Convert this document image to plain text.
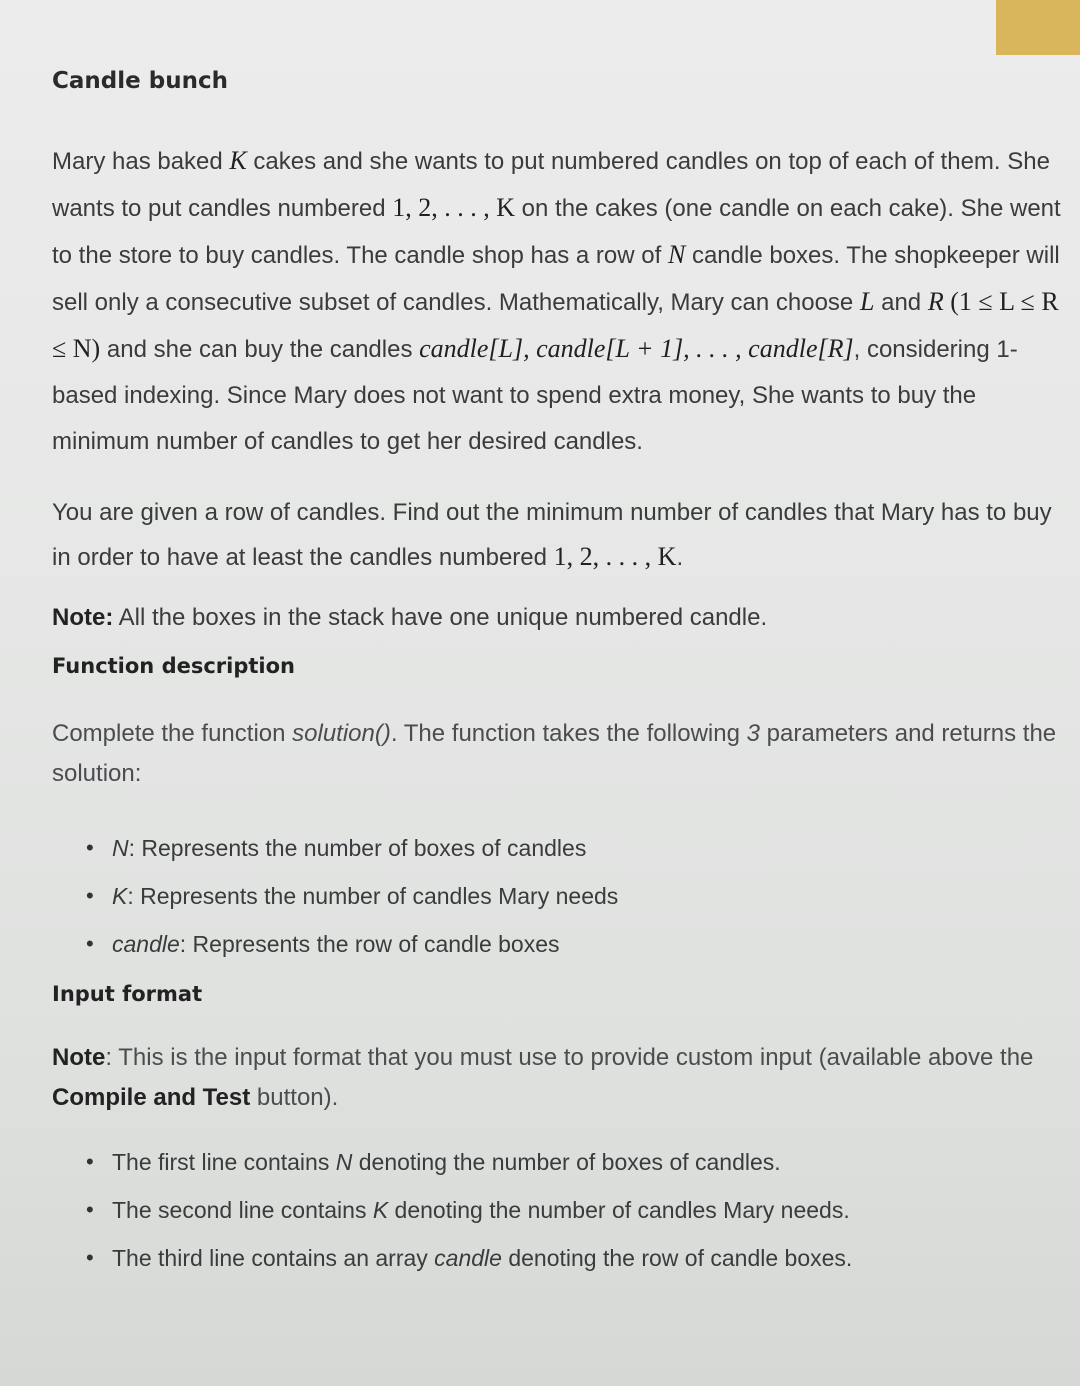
Candle bunch

Mary has baked K cakes and she wants to put numbered candles on top of each of them. She wants to put candles numbered 1, 2, . . . , K on the cakes (one candle on each cake). She went to the store to buy candles. The candle shop has a row of N candle boxes. The shopkeeper will sell only a consecutive subset of candles. Mathematically, Mary can choose L and R (1 ≤ L ≤ R ≤ N) and she can buy the candles candle[L], candle[L + 1], . . . , candle[R], considering 1-based indexing. Since Mary does not want to spend extra money, She wants to buy the minimum number of candles to get her desired candles.

You are given a row of candles. Find out the minimum number of candles that Mary has to buy in order to have at least the candles numbered 1, 2, . . . , K.

Note: All the boxes in the stack have one unique numbered candle.

Function description

Complete the function solution(). The function takes the following 3 parameters and returns the solution:

• N: Represents the number of boxes of candles
• K: Represents the number of candles Mary needs
• candle: Represents the row of candle boxes
Input format

Note: This is the input format that you must use to provide custom input (available above the Compile and Test button).

• The first line contains N denoting the number of boxes of candles.
• The second line contains K denoting the number of candles Mary needs.
• The third line contains an array candle denoting the row of candle boxes.
